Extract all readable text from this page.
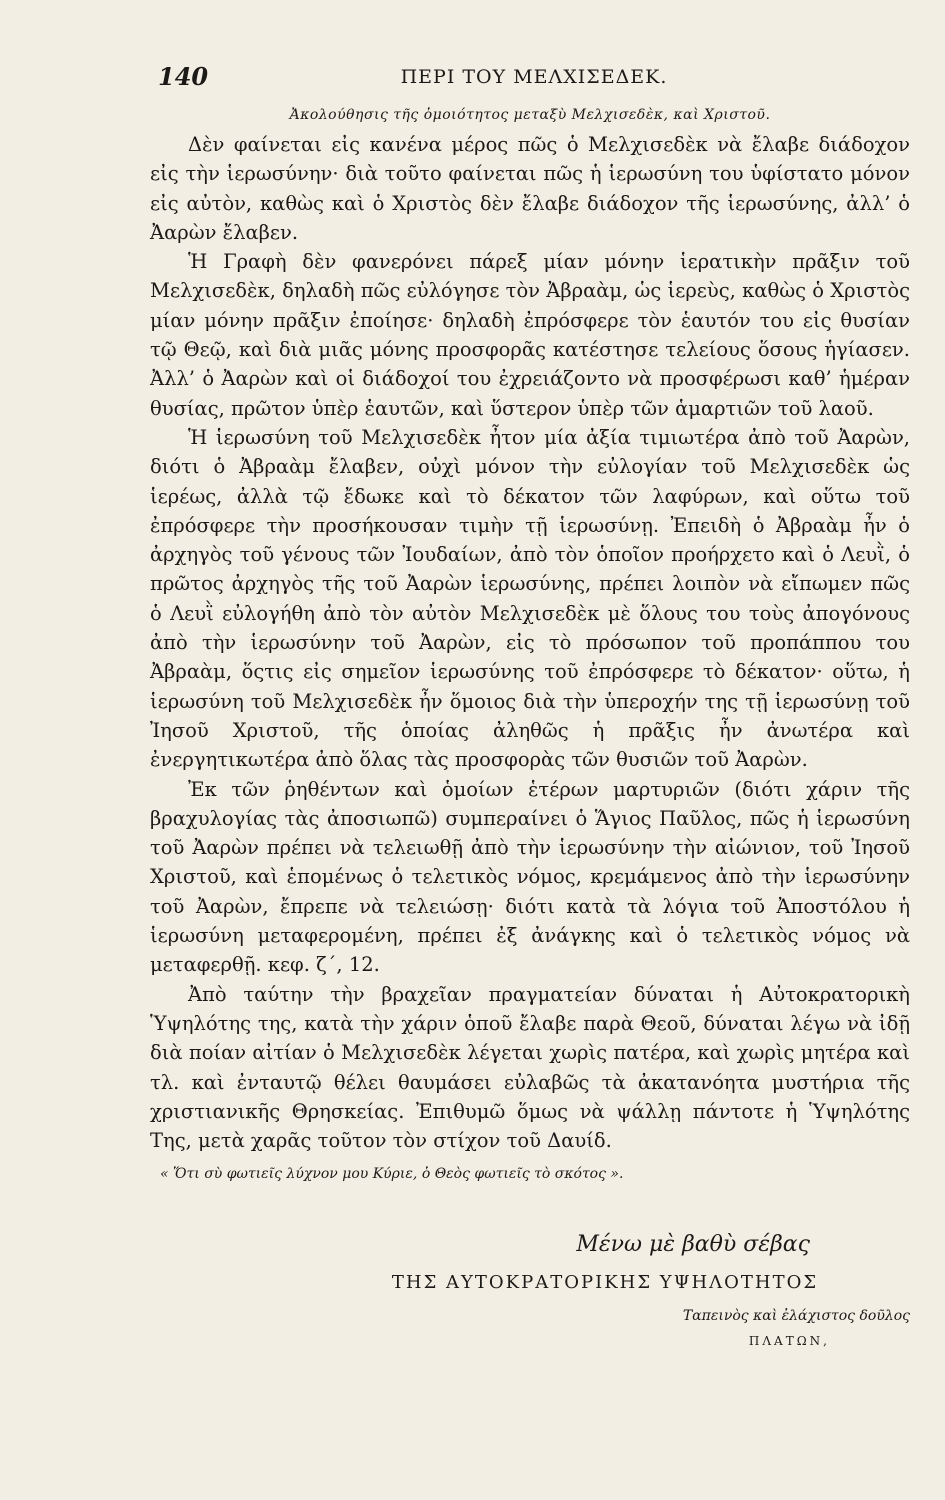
140	ΠΕΡΙ ΤΟΥ ΜΕΛΧΙΣΕΔΕΚ.
Ἀκολούθησις τῆς ὁμοιότητος μεταξὺ Μελχισεδὲκ, καὶ Χριστοῦ.

Δὲν φαίνεται εἰς κανένα μέρος πῶς ὁ Μελχισεδὲκ νὰ ἔλαβε διάδοχον εἰς τὴν ἱερωσύνην· διὰ τοῦτο φαίνεται πῶς ἡ ἱερωσύνη του ὑφίστατο μόνον εἰς αὐτὸν, καθὼς καὶ ὁ Χριστὸς δὲν ἔλαβε διάδοχον τῆς ἱερωσύνης, ἀλλ’ ὁ Ἀαρὼν ἔλαβεν.

Ἡ Γραφὴ δὲν φανερόνει πάρεξ μίαν μόνην ἱερατικὴν πρᾶξιν τοῦ Μελχισεδὲκ, δηλαδὴ πῶς εὐλόγησε τὸν Ἀβραὰμ, ὡς ἱερεὺς, καθὼς ὁ Χριστὸς μίαν μόνην πρᾶξιν ἐποίησε· δηλαδὴ ἐπρόσφερε τὸν ἑαυτόν του εἰς θυσίαν τῷ Θεῷ, καὶ διὰ μιᾶς μόνης προσφορᾶς κατέστησε τελείους ὅσους ἡγίασεν. Ἀλλ’ ὁ Ἀαρὼν καὶ οἱ διάδοχοί του ἐχρειάζοντο νὰ προσφέρωσι καθ’ ἡμέραν θυσίας, πρῶτον ὑπὲρ ἑαυτῶν, καὶ ὕστερον ὑπὲρ τῶν ἁμαρτιῶν τοῦ λαοῦ.

Ἡ ἱερωσύνη τοῦ Μελχισεδὲκ ἦτον μία ἀξία τιμιωτέρα ἀπὸ τοῦ Ἀαρὼν, διότι ὁ Ἀβραὰμ ἔλαβεν, οὐχὶ μόνον τὴν εὐλογίαν τοῦ Μελχισεδὲκ ὡς ἱερέως, ἀλλὰ τῷ ἔδωκε καὶ τὸ δέκατον τῶν λαφύρων, καὶ οὕτω τοῦ ἐπρόσφερε τὴν προσήκουσαν τιμὴν τῇ ἱερωσύνῃ. Ἐπειδὴ ὁ Ἀβραὰμ ἦν ὁ ἀρχηγὸς τοῦ γένους τῶν Ἰουδαίων, ἀπὸ τὸν ὁποῖον προήρχετο καὶ ὁ Λευῒ, ὁ πρῶτος ἀρχηγὸς τῆς τοῦ Ἀαρὼν ἱερωσύνης, πρέπει λοιπὸν νὰ εἴπωμεν πῶς ὁ Λευῒ εὐλογήθη ἀπὸ τὸν αὐτὸν Μελχισεδὲκ μὲ ὅλους του τοὺς ἀπογόνους ἀπὸ τὴν ἱερωσύνην τοῦ Ἀαρὼν, εἰς τὸ πρόσωπον τοῦ προπάππου του Ἀβραὰμ, ὅςτις εἰς σημεῖον ἱερωσύνης τοῦ ἐπρόσφερε τὸ δέκατον· οὕτω, ἡ ἱερωσύνη τοῦ Μελχισεδὲκ ἦν ὅμοιος διὰ τὴν ὑπεροχήν της τῇ ἱερωσύνῃ τοῦ Ἰησοῦ Χριστοῦ, τῆς ὁποίας ἀληθῶς ἡ πρᾶξις ἦν ἀνωτέρα καὶ ἐνεργητικωτέρα ἀπὸ ὅλας τὰς προσφορὰς τῶν θυσιῶν τοῦ Ἀαρὼν.

Ἐκ τῶν ῥηθέντων καὶ ὁμοίων ἑτέρων μαρτυριῶν (διότι χάριν τῆς βραχυλογίας τὰς ἀποσιωπῶ) συμπεραίνει ὁ Ἅγιος Παῦλος, πῶς ἡ ἱερωσύνη τοῦ Ἀαρὼν πρέπει νὰ τελειωθῇ ἀπὸ τὴν ἱερωσύνην τὴν αἰώνιον, τοῦ Ἰησοῦ Χριστοῦ, καὶ ἑπομένως ὁ τελετικὸς νόμος, κρεμάμενος ἀπὸ τὴν ἱερωσύνην τοῦ Ἀαρὼν, ἔπρεπε νὰ τελειώσῃ· διότι κατὰ τὰ λόγια τοῦ Ἀποστόλου ἡ ἱερωσύνη μεταφερομένη, πρέπει ἐξ ἀνάγκης καὶ ὁ τελετικὸς νόμος νὰ μεταφερθῇ. κεφ. ζ΄, 12.

Ἀπὸ ταύτην τὴν βραχεῖαν πραγματείαν δύναται ἡ Αὐτοκρατορικὴ Ὑψηλότης της, κατὰ τὴν χάριν ὁποῦ ἔλαβε παρὰ Θεοῦ, δύναται λέγω νὰ ἰδῇ διὰ ποίαν αἰτίαν ὁ Μελχισεδὲκ λέγεται χωρὶς πατέρα, καὶ χωρὶς μητέρα καὶ τλ. καὶ ἐνταυτῷ θέλει θαυμάσει εὐλαβῶς τὰ ἀκατανόητα μυστήρια τῆς χριστιανικῆς Θρησκείας. Ἐπιθυμῶ ὅμως νὰ ψάλλῃ πάντοτε ἡ Ὑψηλότης Της, μετὰ χαρᾶς τοῦτον τὸν στίχον τοῦ Δαυίδ.

« Ὅτι σὺ φωτιεῖς λύχνον μου Κύριε, ὁ Θεὸς φωτιεῖς τὸ σκότος ».

Μένω μὲ βαθὺ σέβας
ΤΗΣ ΑΥΤΟΚΡΑΤΟΡΙΚΗΣ ΥΨΗΛΟΤΗΤΟΣ
Ταπεινὸς καὶ ἐλάχιστος δοῦλος
ΠΛΑΤΩΝ,
